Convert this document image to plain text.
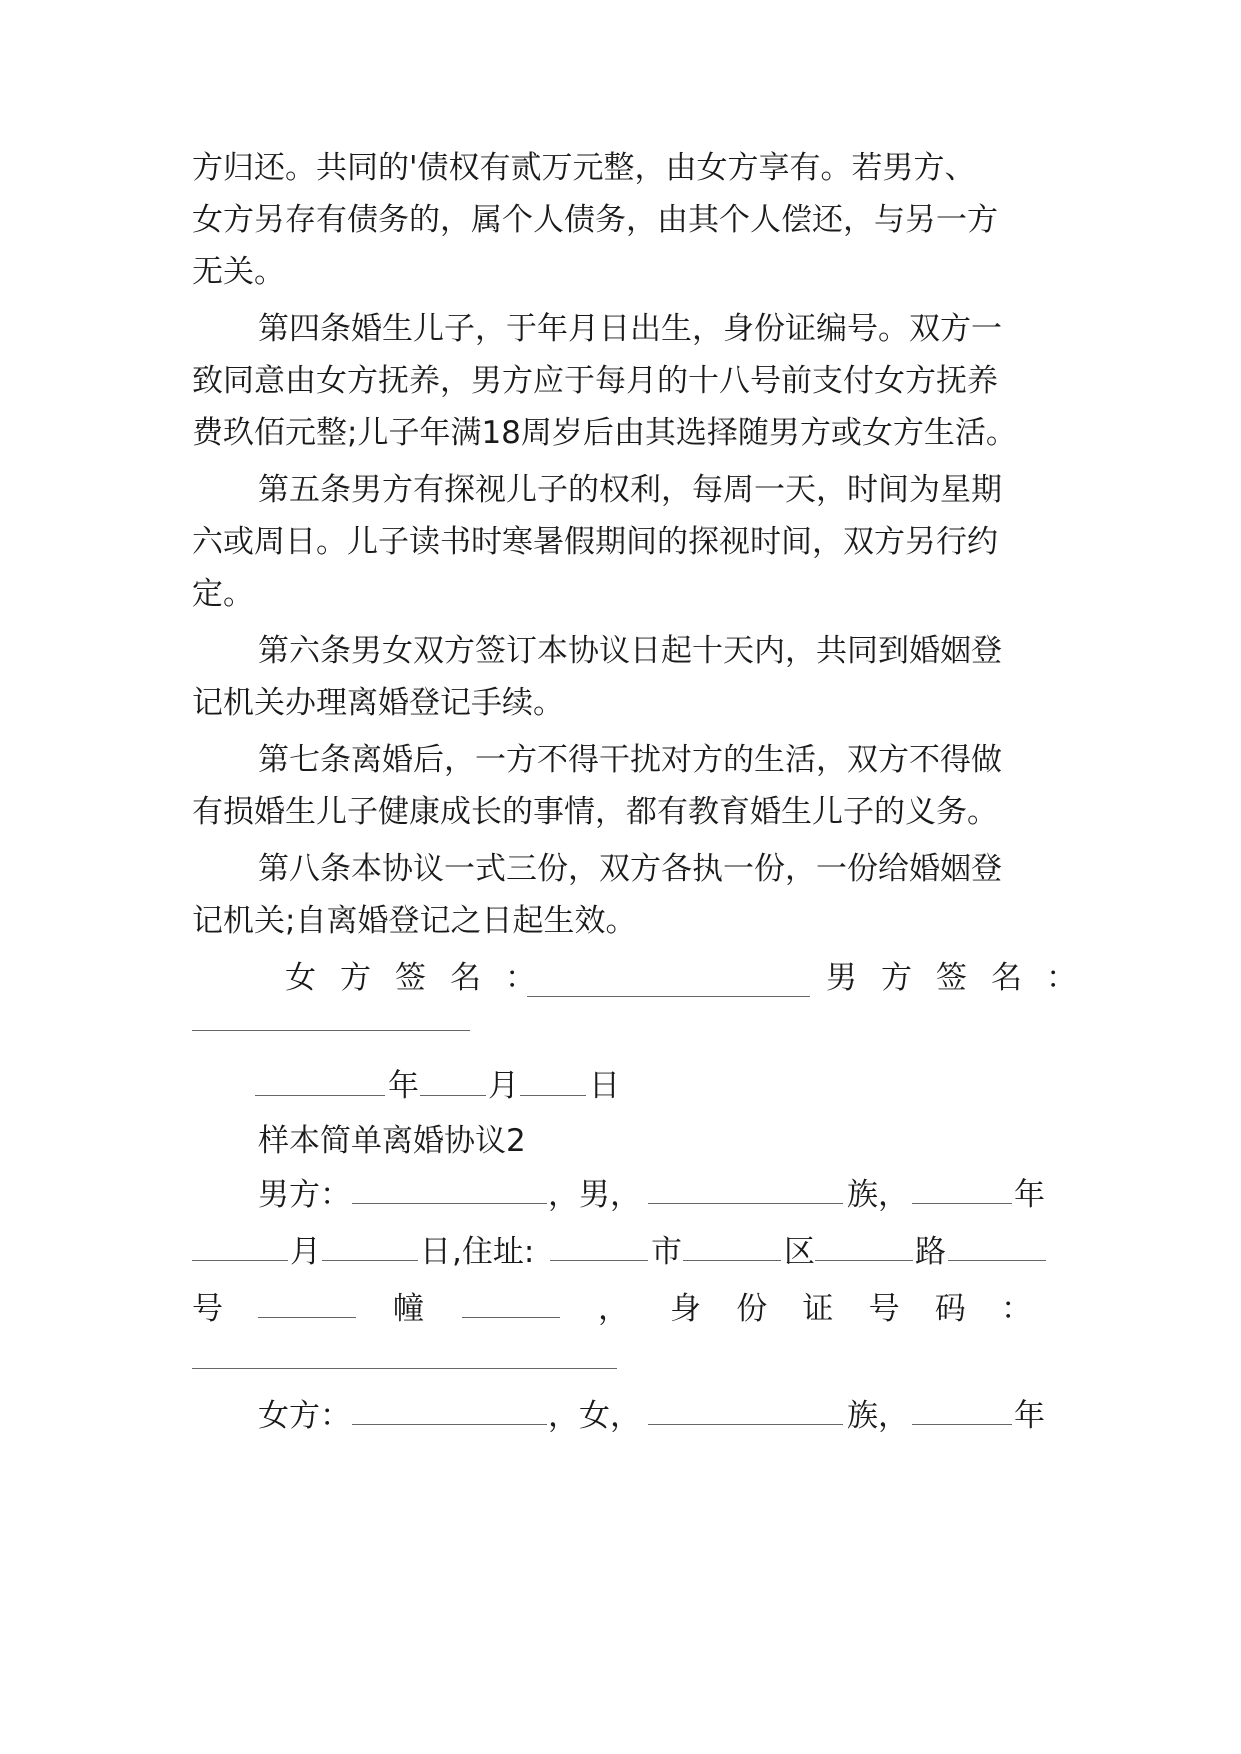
方归还。共同的'债权有贰万元整，由女方享有。若男方、
女方另存有债务的，属个人债务，由其个人偿还，与另一方
无关。
第四条婚生儿子，于年月日出生，身份证编号。双方一
致同意由女方抚养，男方应于每月的十八号前支付女方抚养
费玖佰元整;儿子年满18周岁后由其选择随男方或女方生活。
第五条男方有探视儿子的权利，每周一天，时间为星期
六或周日。儿子读书时寒暑假期间的探视时间，双方另行约
定。
第六条男女双方签订本协议日起十天内，共同到婚姻登
记机关办理离婚登记手续。
第七条离婚后，一方不得干扰对方的生活，双方不得做
有损婚生儿子健康成长的事情，都有教育婚生儿子的义务。
第八条本协议一式三份，双方各执一份，一份给婚姻登
记机关;自离婚登记之日起生效。
女方签名：	男方签名：
年 月 日
样本简单离婚协议2
男方：	，男，	族，	年
月	日 ,住址:	市	区	路
号	幢	， 身 份 证 号 码 ：
女方：	，女，	族，	年
